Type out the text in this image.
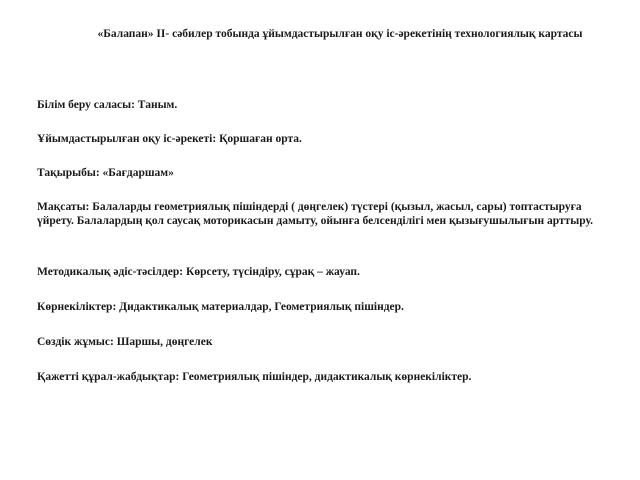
«Балапан» ІІ- сәбилер тобында ұйымдастырылған оқу іс-әрекетінің технологиялық картасы
Білім беру саласы: Таным.
Ұйымдастырылған оқу іс-әрекеті: Қоршаған орта.
Тақырыбы: «Бағдаршам»
Мақсаты: Балаларды геометриялық пішіндерді ( дөңгелек) түстері (қызыл, жасыл, сары) топтастыруға үйрету. Балалардың қол саусақ моторикасын дамыту, ойынға белсенділігі мен қызығушылығын арттыру.
Методикалық әдіс-тәсілдер: Көрсету, түсіндіру, сұрақ – жауап.
Көрнекіліктер: Дидактикалық материалдар, Геометриялық пішіндер.
Сөздік жұмыс: Шаршы, дөңгелек
Қажетті құрал-жабдықтар: Геометриялық пішіндер, дидактикалық көрнекіліктер.
